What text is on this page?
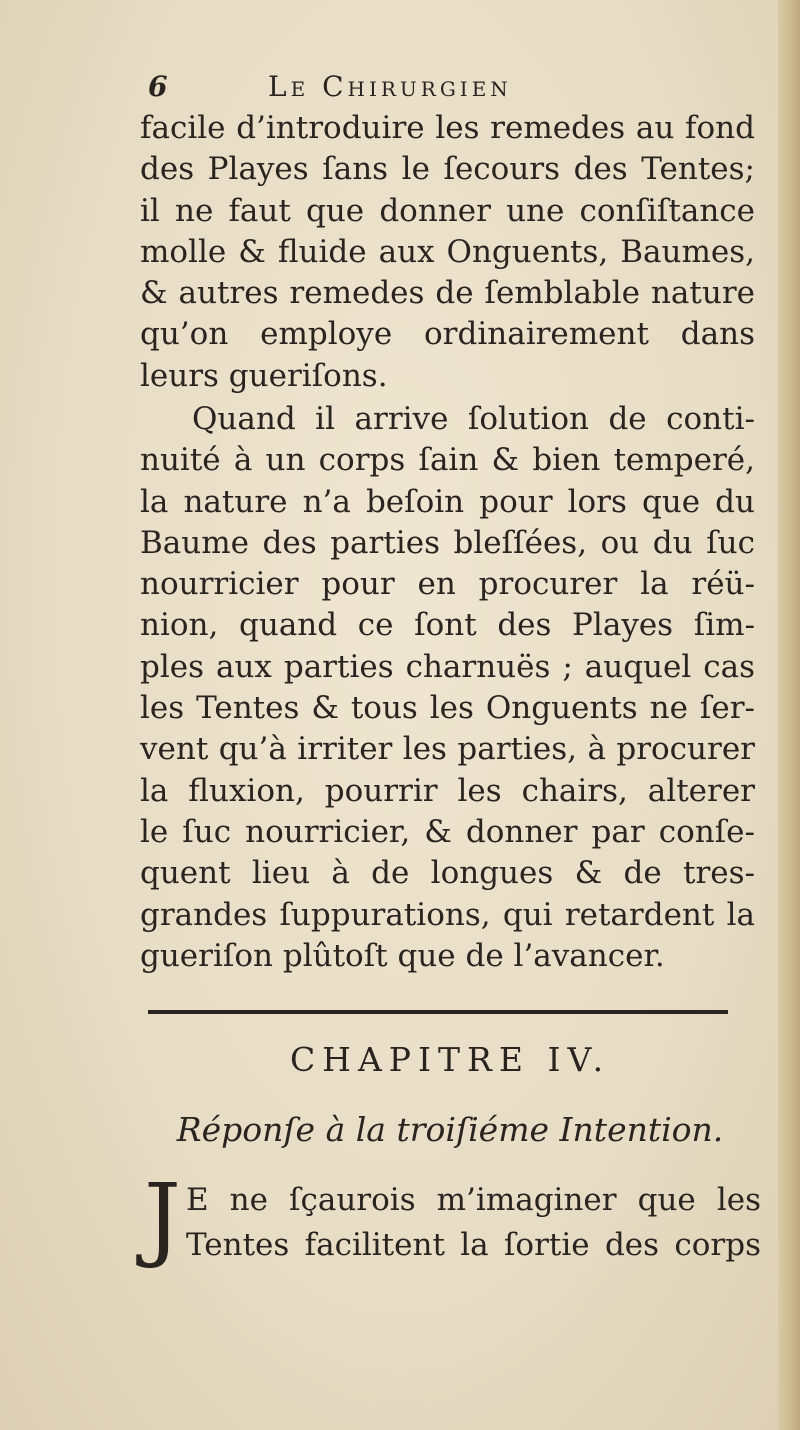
6	Le Chirurgien
facile d’introduire les remedes au fond
des Playes ſans le ſecours des Tentes;
il ne faut que donner une conſiſtance
molle & fluide aux Onguents, Baumes,
& autres remedes de ſemblable nature
qu’on employe ordinairement dans
leurs gueriſons.
Quand il arrive ſolution de conti-
nuité à un corps ſain & bien temperé,
la nature n’a beſoin pour lors que du
Baume des parties bleſſées, ou du ſuc
nourricier pour en procurer la réü-
nion, quand ce ſont des Playes ſim-
ples aux parties charnuës ; auquel cas
les Tentes & tous les Onguents ne ſer-
vent qu’à irriter les parties, à procurer
la fluxion, pourrir les chairs, alterer
le ſuc nourricier, & donner par conſe-
quent lieu à de longues & de tres-
grandes ſuppurations, qui retardent la
gueriſon plûtoſt que de l’avancer.
CHAPITRE IV.
Réponſe à la troiſiéme Intention.
J E ne ſçaurois m’imaginer que les
Tentes facilitent la ſortie des corps
